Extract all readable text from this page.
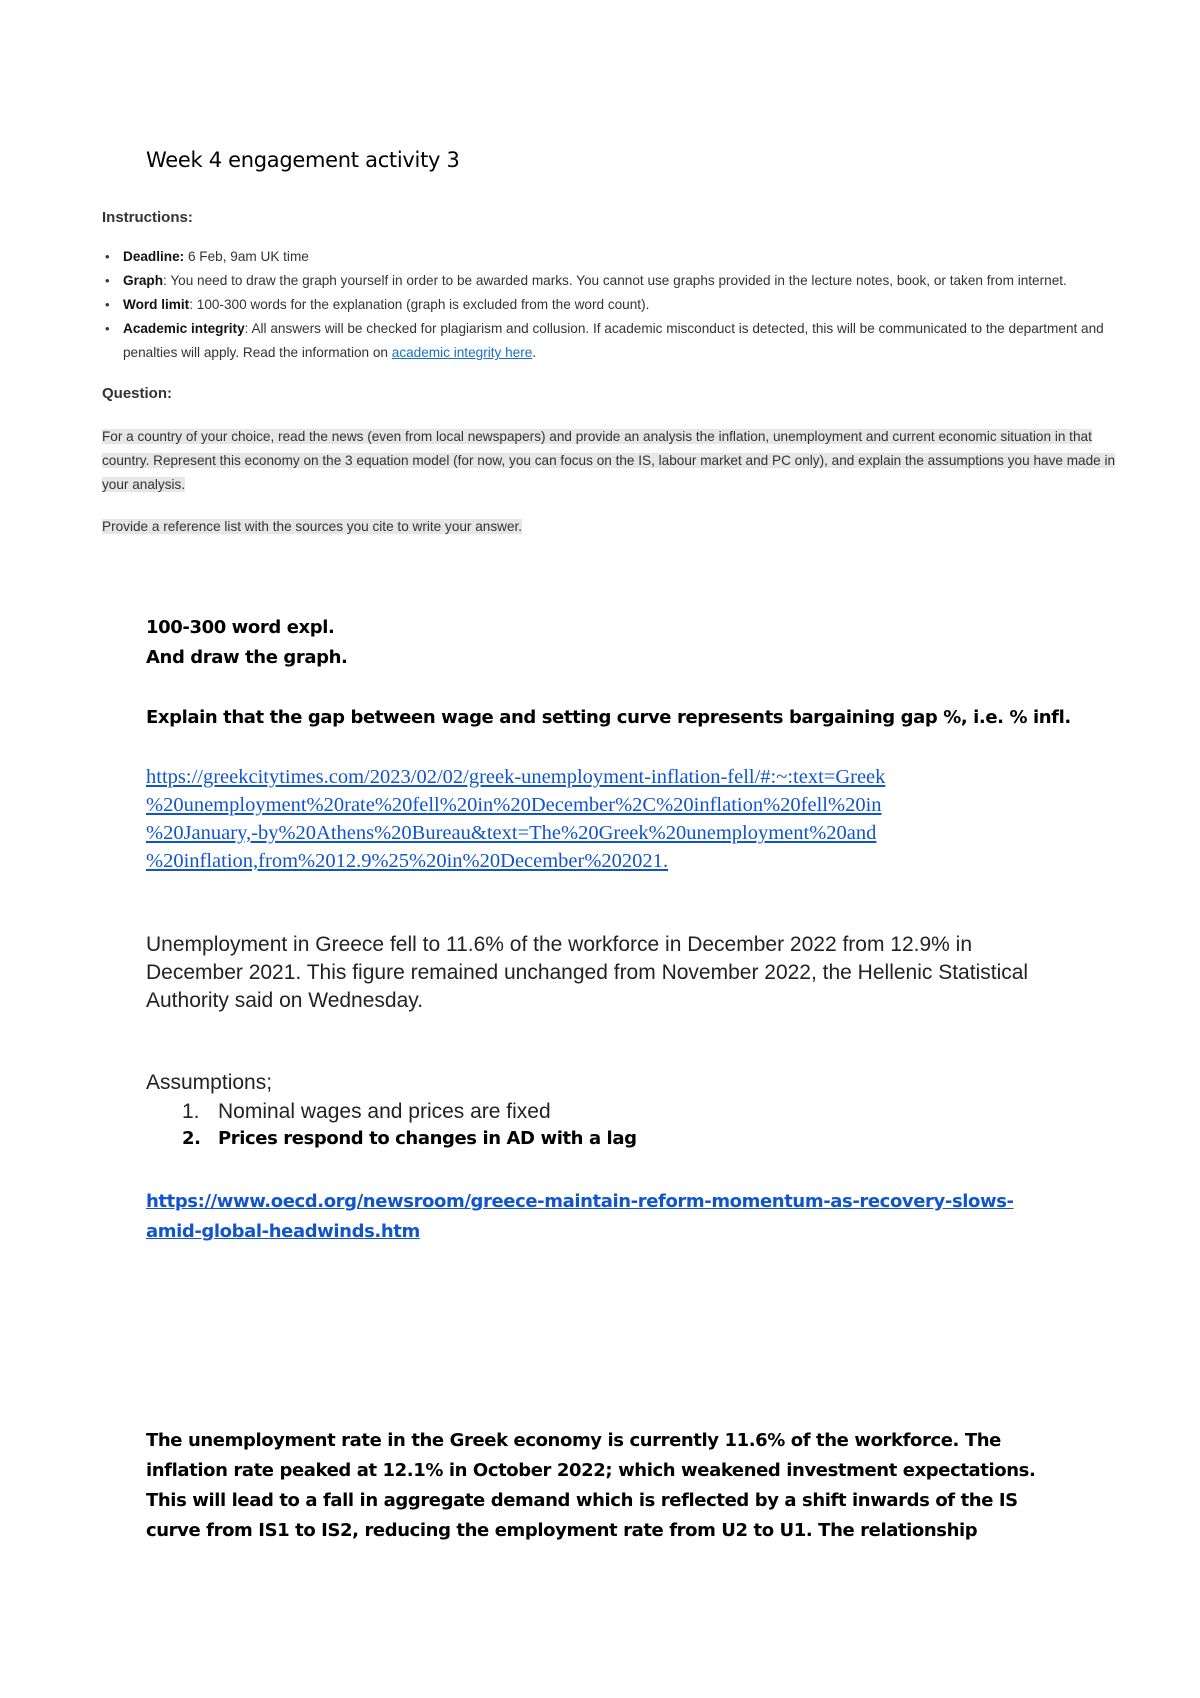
Week 4 engagement activity 3
Instructions:
• Deadline: 6 Feb, 9am UK time
• Graph: You need to draw the graph yourself in order to be awarded marks. You cannot use graphs provided in the lecture notes, book, or taken from internet.
• Word limit: 100-300 words for the explanation (graph is excluded from the word count).
• Academic integrity: All answers will be checked for plagiarism and collusion. If academic misconduct is detected, this will be communicated to the department and penalties will apply. Read the information on academic integrity here.
Question:
For a country of your choice, read the news (even from local newspapers) and provide an analysis the inflation, unemployment and current economic situation in that country. Represent this economy on the 3 equation model (for now, you can focus on the IS, labour market and PC only), and explain the assumptions you have made in your analysis.
Provide a reference list with the sources you cite to write your answer.
100-300 word expl.
And draw the graph.
Explain that the gap between wage and setting curve represents bargaining gap %, i.e. % infl.
https://greekcitytimes.com/2023/02/02/greek-unemployment-inflation-fell/#:~:text=Greek
%20unemployment%20rate%20fell%20in%20December%2C%20inflation%20fell%20in
%20January,-by%20Athens%20Bureau&text=The%20Greek%20unemployment%20and
%20inflation,from%2012.9%25%20in%20December%202021.
Unemployment in Greece fell to 11.6% of the workforce in December 2022 from 12.9% in December 2021. This figure remained unchanged from November 2022, the Hellenic Statistical Authority said on Wednesday.
Assumptions;
1. Nominal wages and prices are fixed
2. Prices respond to changes in AD with a lag
https://www.oecd.org/newsroom/greece-maintain-reform-momentum-as-recovery-slows-amid-global-headwinds.htm
The unemployment rate in the Greek economy is currently 11.6% of the workforce. The inflation rate peaked at 12.1% in October 2022; which weakened investment expectations. This will lead to a fall in aggregate demand which is reflected by a shift inwards of the IS curve from IS1 to IS2, reducing the employment rate from U2 to U1. The relationship
